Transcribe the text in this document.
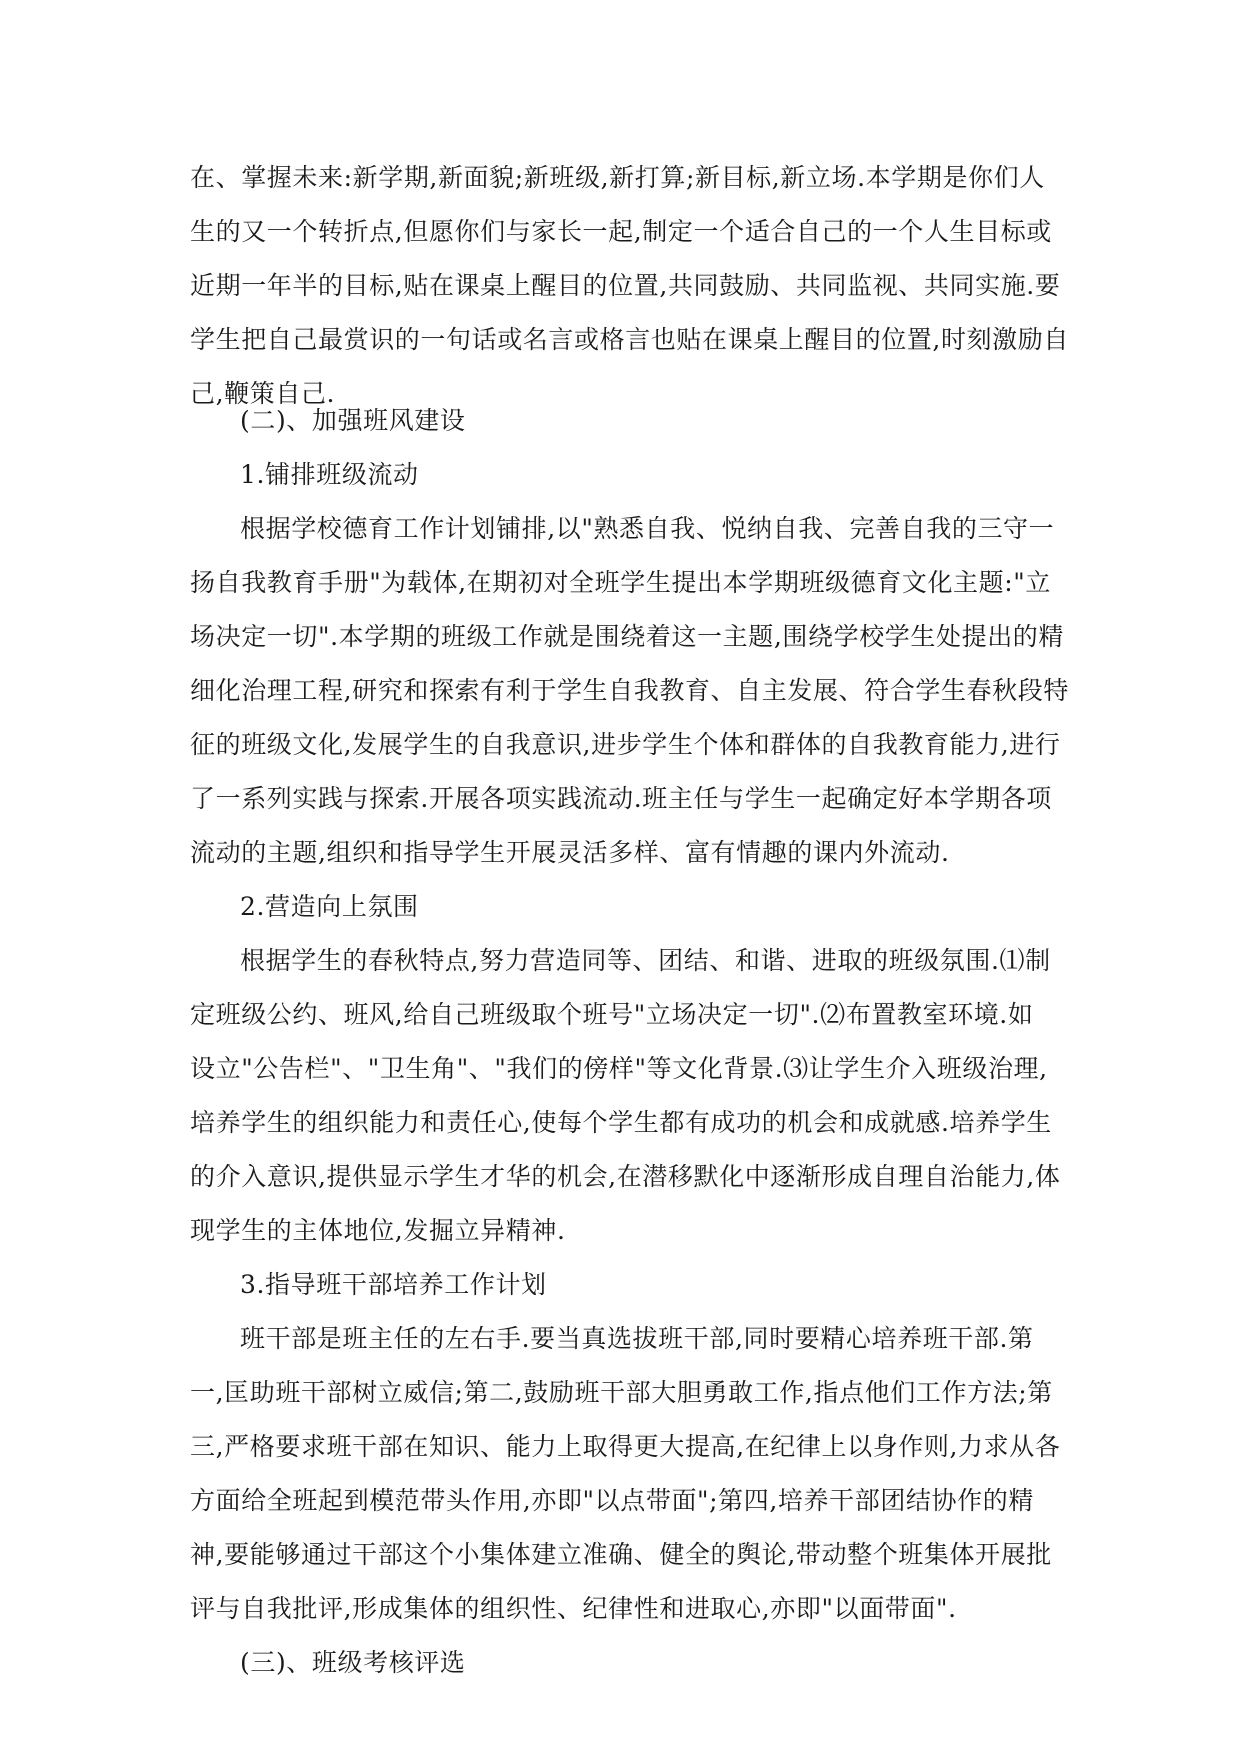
在、掌握未来:新学期,新面貌;新班级,新打算;新目标,新立场.本学期是你们人
生的又一个转折点,但愿你们与家长一起,制定一个适合自己的一个人生目标或
近期一年半的目标,贴在课桌上醒目的位置,共同鼓励、共同监视、共同实施.要
学生把自己最赏识的一句话或名言或格言也贴在课桌上醒目的位置,时刻激励自
己,鞭策自己.
(二)、加强班风建设
1.铺排班级流动
根据学校德育工作计划铺排,以"熟悉自我、悦纳自我、完善自我的三守一
扬自我教育手册"为载体,在期初对全班学生提出本学期班级德育文化主题:"立
场决定一切".本学期的班级工作就是围绕着这一主题,围绕学校学生处提出的精
细化治理工程,研究和探索有利于学生自我教育、自主发展、符合学生春秋段特
征的班级文化,发展学生的自我意识,进步学生个体和群体的自我教育能力,进行
了一系列实践与探索.开展各项实践流动.班主任与学生一起确定好本学期各项
流动的主题,组织和指导学生开展灵活多样、富有情趣的课内外流动.
2.营造向上氛围
根据学生的春秋特点,努力营造同等、团结、和谐、进取的班级氛围.⑴制
定班级公约、班风,给自己班级取个班号"立场决定一切".⑵布置教室环境.如
设立"公告栏"、"卫生角"、"我们的傍样"等文化背景.⑶让学生介入班级治理,
培养学生的组织能力和责任心,使每个学生都有成功的机会和成就感.培养学生
的介入意识,提供显示学生才华的机会,在潜移默化中逐渐形成自理自治能力,体
现学生的主体地位,发掘立异精神.
3.指导班干部培养工作计划
班干部是班主任的左右手.要当真选拔班干部,同时要精心培养班干部.第
一,匡助班干部树立威信;第二,鼓励班干部大胆勇敢工作,指点他们工作方法;第
三,严格要求班干部在知识、能力上取得更大提高,在纪律上以身作则,力求从各
方面给全班起到模范带头作用,亦即"以点带面";第四,培养干部团结协作的精
神,要能够通过干部这个小集体建立准确、健全的舆论,带动整个班集体开展批
评与自我批评,形成集体的组织性、纪律性和进取心,亦即"以面带面".
(三)、班级考核评选
